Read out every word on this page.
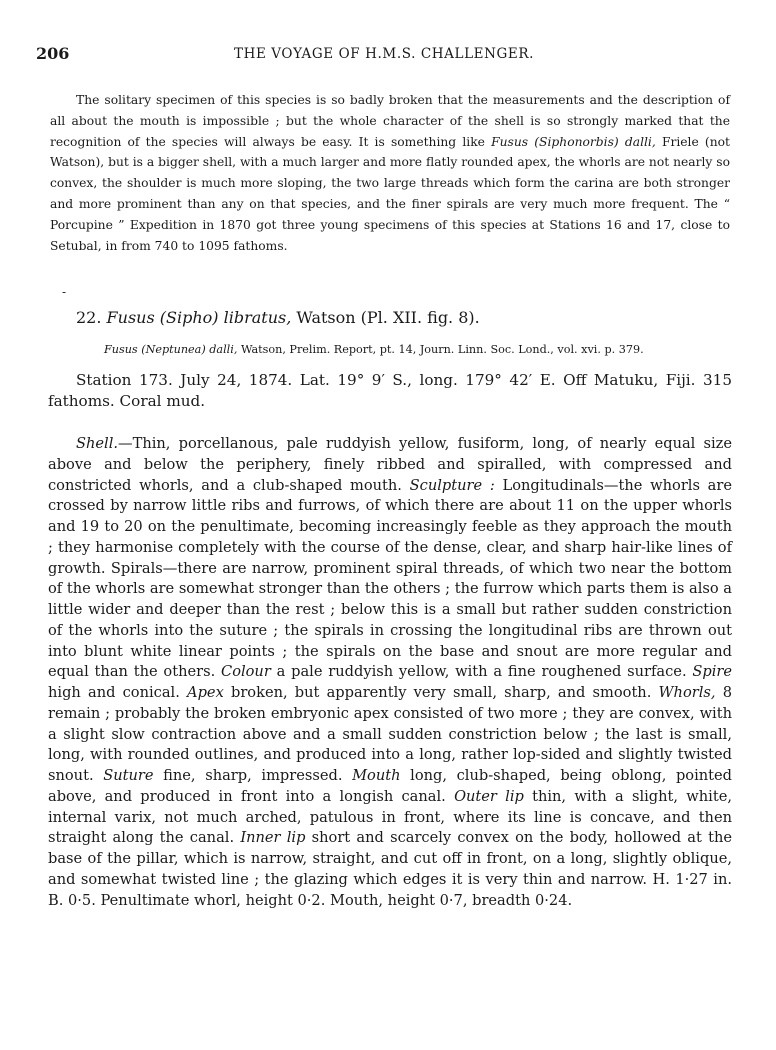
206	THE VOYAGE OF H.M.S. CHALLENGER.

The solitary specimen of this species is so badly broken that the measurements and the description of all about the mouth is impossible ; but the whole character of the shell is so strongly marked that the recognition of the species will always be easy. It is something like Fusus (Siphonorbis) dalli, Friele (not Watson), but is a bigger shell, with a much larger and more flatly rounded apex, the whorls are not nearly so convex, the shoulder is much more sloping, the two large threads which form the carina are both stronger and more prominent than any on that species, and the finer spirals are very much more frequent. The “ Porcupine ” Expedition in 1870 got three young specimens of this species at Stations 16 and 17, close to Setubal, in from 740 to 1095 fathoms.

-
22. Fusus (Sipho) libratus, Watson (Pl. XII. fig. 8).
Fusus (Neptunea) dalli, Watson, Prelim. Report, pt. 14, Journ. Linn. Soc. Lond., vol. xvi. p. 379.

Station 173. July 24, 1874. Lat. 19° 9′ S., long. 179° 42′ E. Off Matuku, Fiji. 315 fathoms. Coral mud.

Shell.—Thin, porcellanous, pale ruddyish yellow, fusiform, long, of nearly equal size above and below the periphery, finely ribbed and spiralled, with compressed and constricted whorls, and a club-shaped mouth. Sculpture : Longitudinals—the whorls are crossed by narrow little ribs and furrows, of which there are about 11 on the upper whorls and 19 to 20 on the penultimate, becoming increasingly feeble as they approach the mouth ; they harmonise completely with the course of the dense, clear, and sharp hair-like lines of growth. Spirals—there are narrow, prominent spiral threads, of which two near the bottom of the whorls are somewhat stronger than the others ; the furrow which parts them is also a little wider and deeper than the rest ; below this is a small but rather sudden constriction of the whorls into the suture ; the spirals in crossing the longitudinal ribs are thrown out into blunt white linear points ; the spirals on the base and snout are more regular and equal than the others. Colour a pale ruddyish yellow, with a fine roughened surface. Spire high and conical. Apex broken, but apparently very small, sharp, and smooth. Whorls, 8 remain ; probably the broken embryonic apex consisted of two more ; they are convex, with a slight slow contraction above and a small sudden constriction below ; the last is small, long, with rounded outlines, and produced into a long, rather lop-sided and slightly twisted snout. Suture fine, sharp, impressed. Mouth long, club-shaped, being oblong, pointed above, and produced in front into a longish canal. Outer lip thin, with a slight, white, internal varix, not much arched, patulous in front, where its line is concave, and then straight along the canal. Inner lip short and scarcely convex on the body, hollowed at the base of the pillar, which is narrow, straight, and cut off in front, on a long, slightly oblique, and somewhat twisted line ; the glazing which edges it is very thin and narrow. H. 1·27 in. B. 0·5. Penultimate whorl, height 0·2. Mouth, height 0·7, breadth 0·24.
